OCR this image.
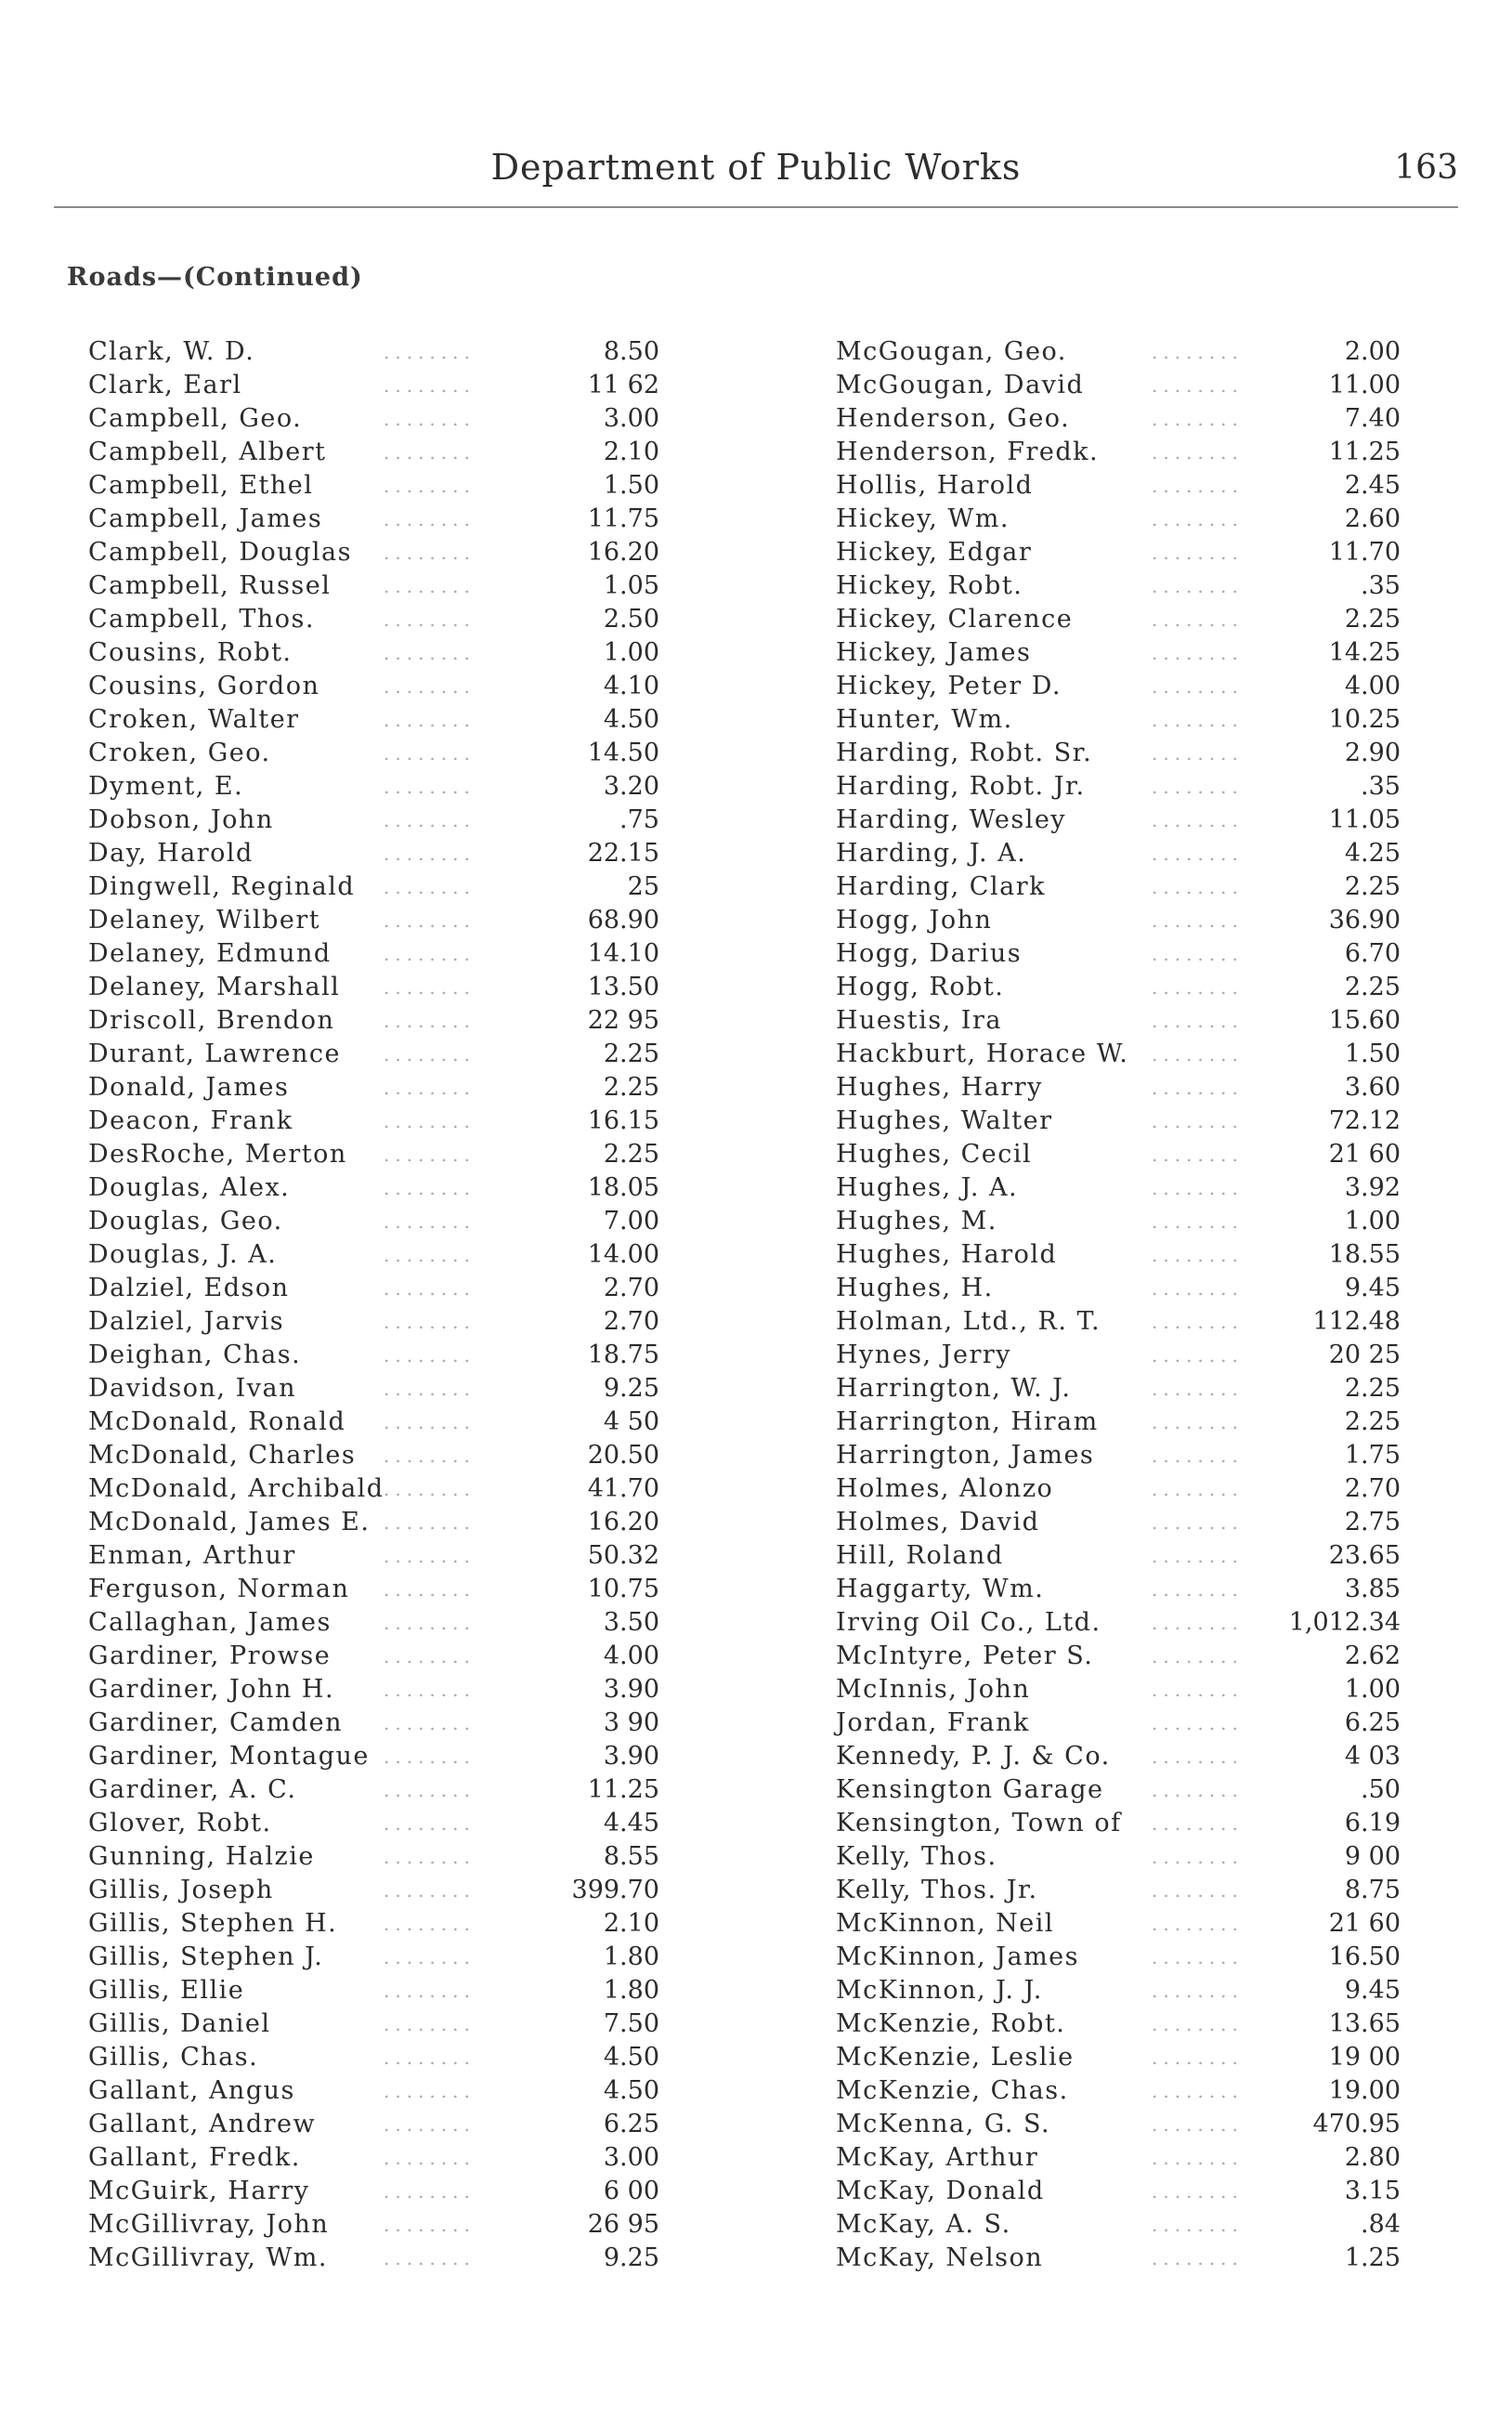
Department of Public Works	163
Roads—(Continued)
Clark, W. D.	........	8.50
Clark, Earl	........	11 62
Campbell, Geo.	........	3.00
Campbell, Albert	........	2.10
Campbell, Ethel	........	1.50
Campbell, James	........	11.75
Campbell, Douglas ........	16.20
Campbell, Russel	........	1.05
Campbell, Thos.	........	2.50
Cousins, Robt.	........	1.00
Cousins, Gordon	........	4.10
Croken, Walter	........	4.50
Croken, Geo.	........	14.50
Dyment, E.	........	3.20
Dobson, John	........	.75
Day, Harold	........	22.15
Dingwell, Reginald ........	25
Delaney, Wilbert	........	68.90
Delaney, Edmund	........	14.10
Delaney, Marshall ........	13.50
Driscoll, Brendon	........	22 95
Durant, Lawrence ........	2.25
Donald, James	........	2.25
Deacon, Frank	........	16.15
DesRoche, Merton ........	2.25
Douglas, Alex.	........	18.05
Douglas, Geo.	........	7.00
Douglas, J. A.	........	14.00
Dalziel, Edson	........	2.70
Dalziel, Jarvis	........	2.70
Deighan, Chas.	........	18.75
Davidson, Ivan	........	9.25
McDonald, Ronald ........	4 50
McDonald, Charles ........	20.50
McDonald, Archibald ........	41.70
McDonald, James E. ........	16.20
Enman, Arthur	........	50.32
Ferguson, Norman ........	10.75
Callaghan, James	........	3.50
Gardiner, Prowse	........	4.00
Gardiner, John H.	........	3.90
Gardiner, Camden ........	3 90
Gardiner, Montague ........	3.90
Gardiner, A. C.	........	11.25
Glover, Robt.	........	4.45
Gunning, Halzie	........	8.55
Gillis, Joseph	........	399.70
Gillis, Stephen H. ........	2.10
Gillis, Stephen J.	........	1.80
Gillis, Ellie	........	1.80
Gillis, Daniel	........	7.50
Gillis, Chas.	........	4.50
Gallant, Angus	........	4.50
Gallant, Andrew	........	6.25
Gallant, Fredk.	........	3.00
McGuirk, Harry	........	6 00
McGillivray, John	........	26 95
McGillivray, Wm.	........	9.25
McGougan, Geo.	........	2.00
McGougan, David	........	11.00
Henderson, Geo.	........	7.40
Henderson, Fredk.	........	11.25
Hollis, Harold	........	2.45
Hickey, Wm.	........	2.60
Hickey, Edgar	........	11.70
Hickey, Robt.	........	.35
Hickey, Clarence	........	2.25
Hickey, James	........	14.25
Hickey, Peter D.	........	4.00
Hunter, Wm.	........	10.25
Harding, Robt. Sr.	........	2.90
Harding, Robt. Jr.	........	.35
Harding, Wesley	........	11.05
Harding, J. A.	........	4.25
Harding, Clark	........	2.25
Hogg, John	........	36.90
Hogg, Darius	........	6.70
Hogg, Robt.	........	2.25
Huestis, Ira	........	15.60
Hackburt, Horace W. ........	1.50
Hughes, Harry	........	3.60
Hughes, Walter	........	72.12
Hughes, Cecil	........	21 60
Hughes, J. A.	........	3.92
Hughes, M.	........	1.00
Hughes, Harold	........	18.55
Hughes, H.	........	9.45
Holman, Ltd., R. T.	........	112.48
Hynes, Jerry	........	20 25
Harrington, W. J.	........	2.25
Harrington, Hiram	........	2.25
Harrington, James	........	1.75
Holmes, Alonzo	........	2.70
Holmes, David	........	2.75
Hill, Roland	........	23.65
Haggarty, Wm.	........	3.85
Irving Oil Co., Ltd.	........ 1,012.34
McIntyre, Peter S.	........	2.62
McInnis, John	........	1.00
Jordan, Frank	........	6.25
Kennedy, P. J. & Co. ........	4 03
Kensington Garage	........	.50
Kensington, Town of ........	6.19
Kelly, Thos.	........	9 00
Kelly, Thos. Jr.	........	8.75
McKinnon, Neil	........	21 60
McKinnon, James	........	16.50
McKinnon, J. J.	........	9.45
McKenzie, Robt.	........	13.65
McKenzie, Leslie	........	19 00
McKenzie, Chas.	........	19.00
McKenna, G. S.	........	470.95
McKay, Arthur	........	2.80
McKay, Donald	........	3.15
McKay, A. S.	........	.84
McKay, Nelson	........	1.25
